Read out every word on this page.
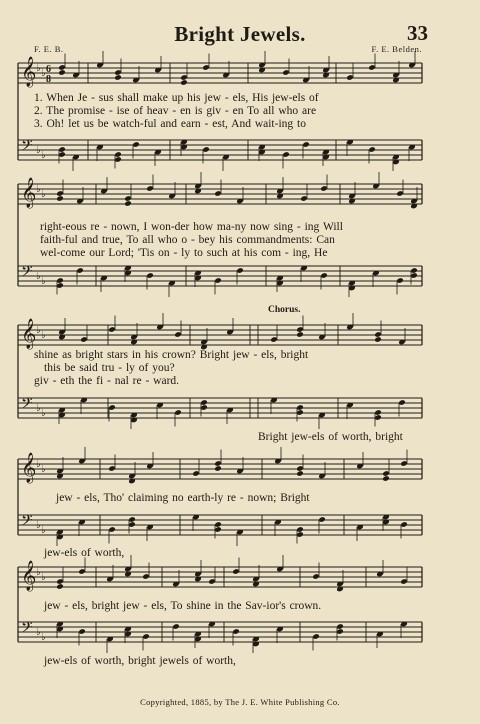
Bright Jewels.	33
F. E. B.	F. E. Belden.
6
8
𝄞 ♭ ♭
𝄢 ♭ ♭
𝄞 ♭ ♭
𝄢 ♭ ♭
𝄞 ♭ ♭
𝄢 ♭ ♭
𝄞 ♭ ♭
𝄢 ♭ ♭
𝄞 ♭ ♭
𝄢 ♭ ♭
1. When Je - sus shall make up his jew - els, His jew-els of
2. The promise - ise of heav - en is giv - en To all who are
3. Oh! let us be watch-ful and earn - est, And wait-ing to
right-eous re - nown, I won-der how ma-ny now sing - ing Will
faith-ful and true, To all who o - bey his commandments: Can
wel-come our Lord; 'Tis on - ly to such at his com - ing, He
Chorus.
shine as bright stars in his crown? Bright jew - els, bright
this be said tru - ly of you?
giv - eth the fi - nal re - ward.
Bright jew-els of worth, bright
jew - els, Tho' claiming no earth-ly re - nown; Bright
jew-els of worth,
jew - els, bright jew - els, To shine in the Sav-ior's crown.
jew-els of worth, bright jewels of worth,
Copyrighted, 1885, by The J. E. White Publishing Co.
